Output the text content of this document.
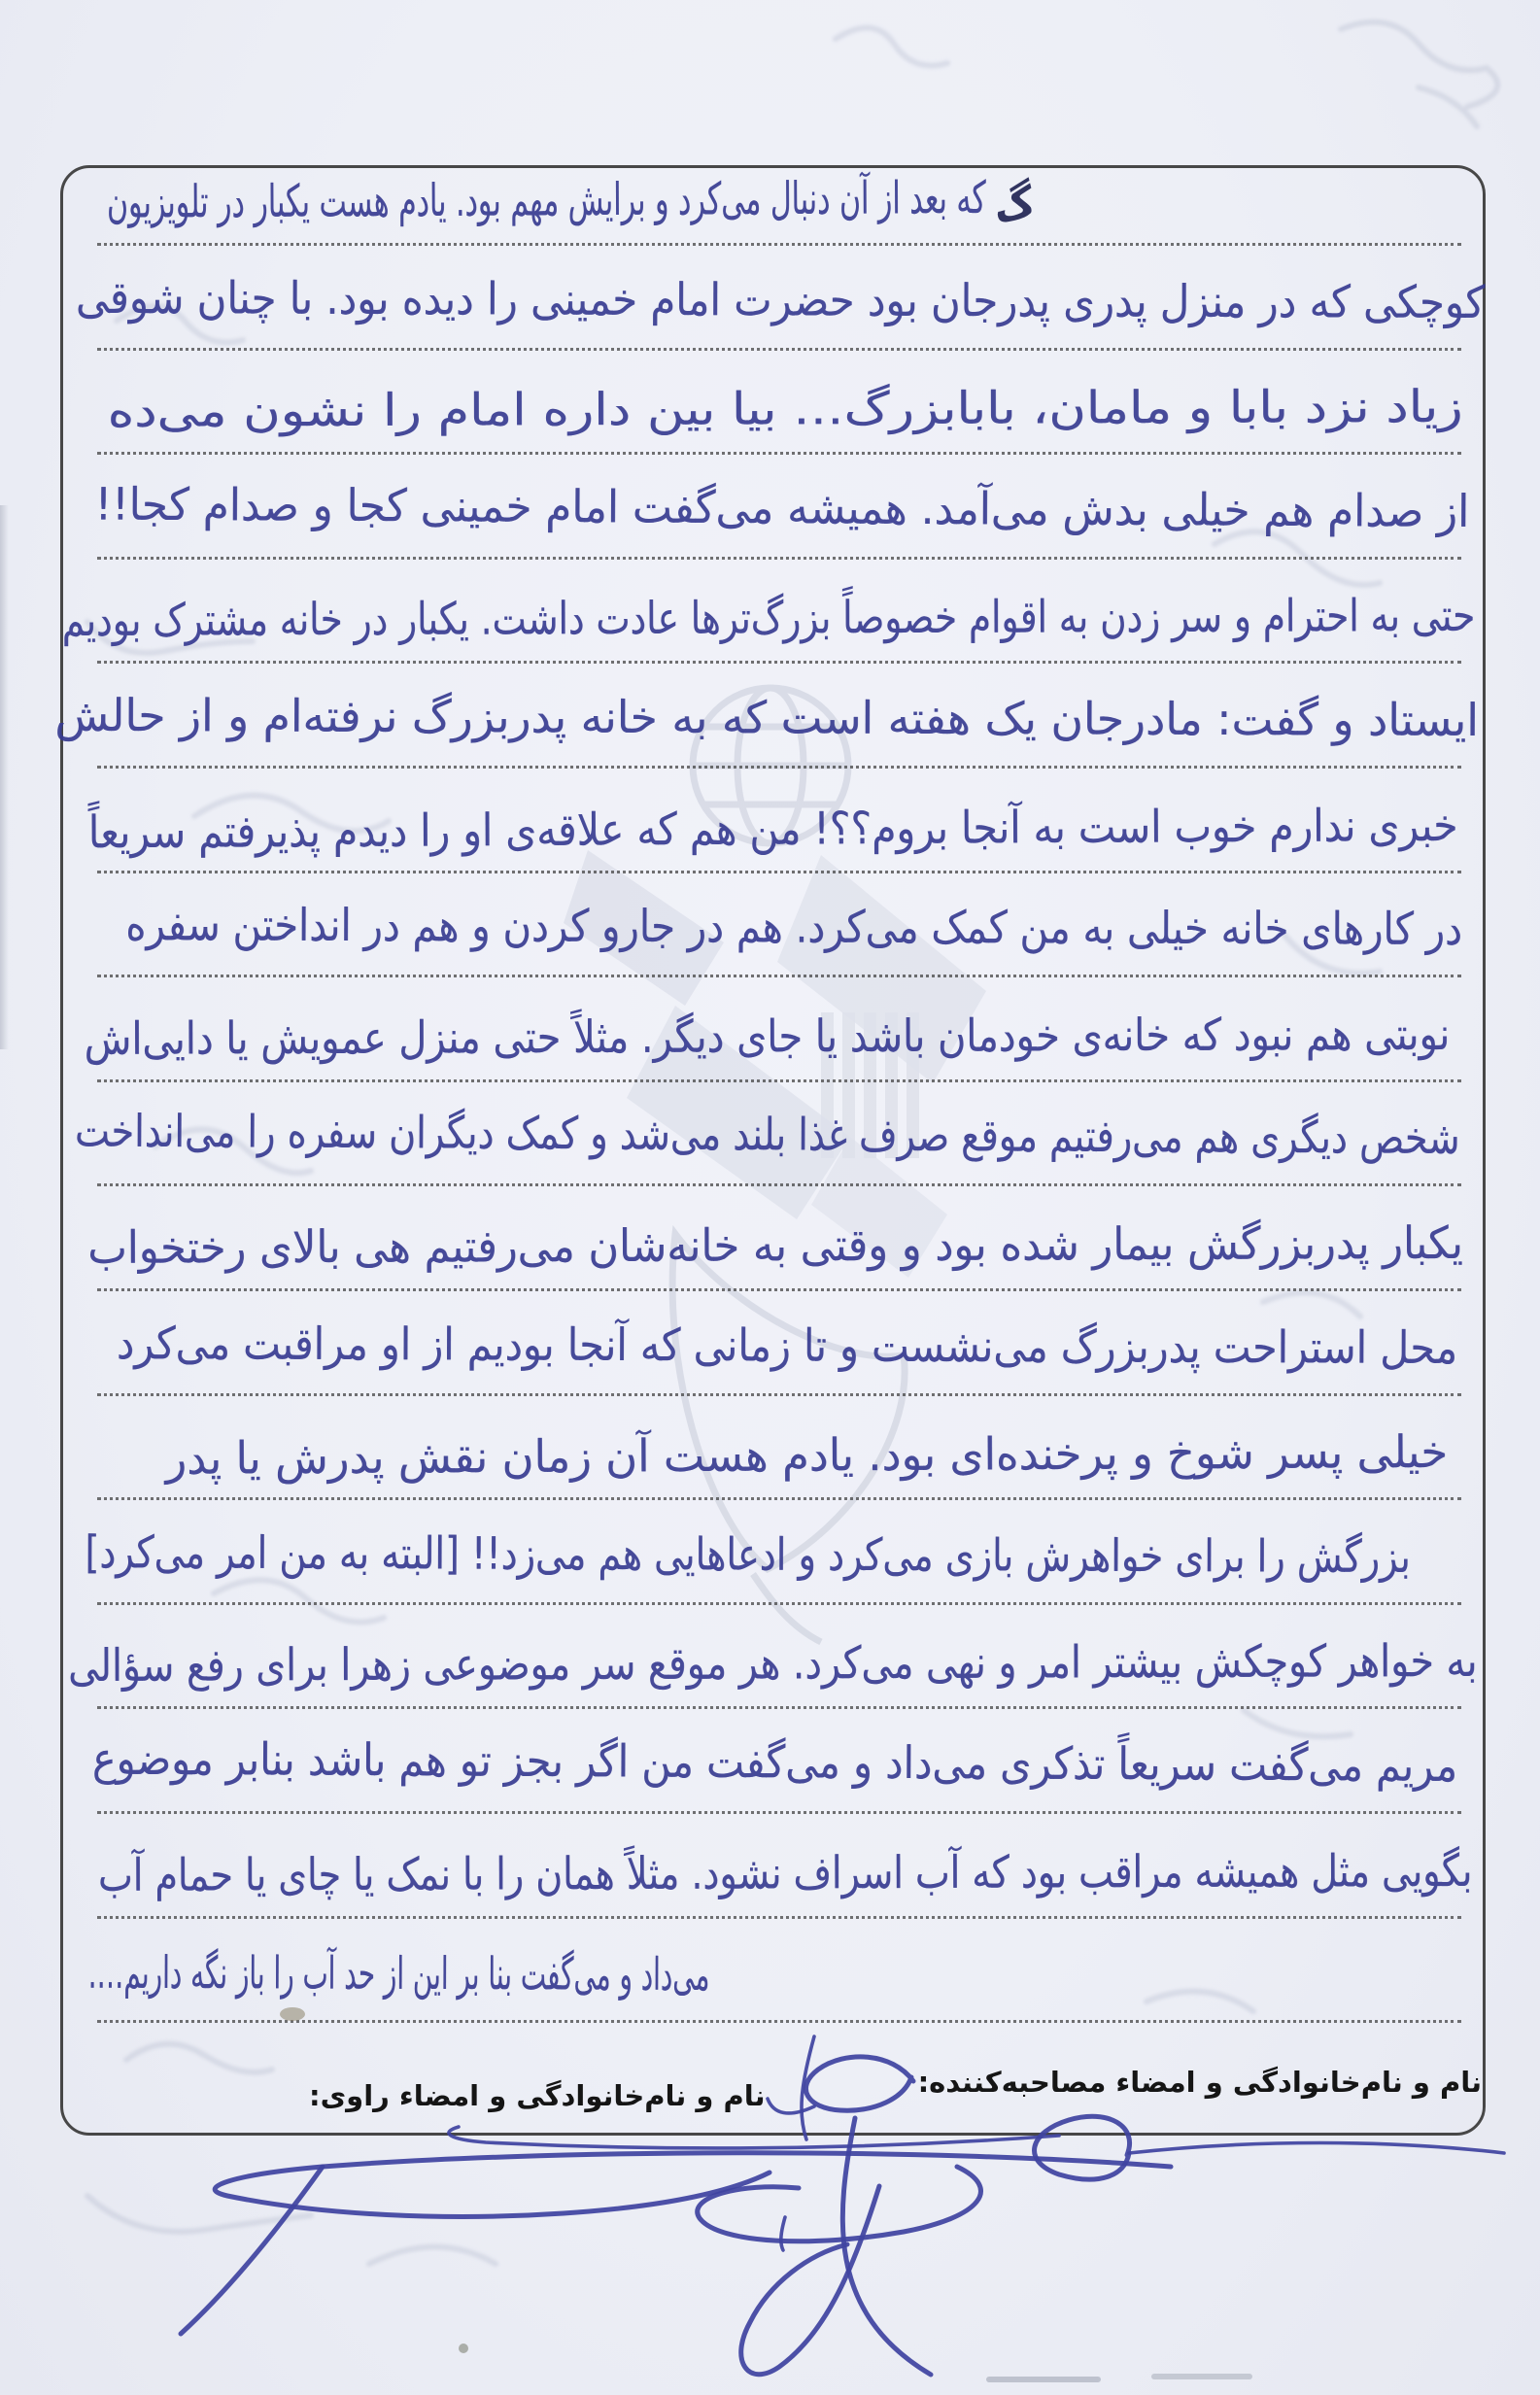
گ
که بعد از آن دنبال می‌کرد و برایش مهم بود. یادم هست یکبار در تلویزیون
کوچکی که در منزل پدری پدرجان بود حضرت امام خمینی را دیده بود. با چنان شوقی
زیاد نزد بابا و مامان، بابابزرگ… بیا بین داره امام را نشون می‌ده
از صدام هم خیلی بدش می‌آمد. همیشه می‌گفت امام خمینی کجا و صدام کجا!!
حتی به احترام و سر زدن به اقوام خصوصاً بزرگ‌ترها عادت داشت. یکبار در خانه مشترک بودیم
ایستاد و گفت: مادرجان یک هفته است که به خانه پدربزرگ نرفته‌ام و از حالش
خبری ندارم خوب است به آنجا بروم؟؟! من هم که علاقه‌ی او را دیدم پذیرفتم سریعاً
در کارهای خانه خیلی به من کمک می‌کرد. هم در جارو کردن و هم در انداختن سفره
نوبتی هم نبود که خانه‌ی خودمان باشد یا جای دیگر. مثلاً حتی منزل عمویش یا دایی‌اش
شخص دیگری هم می‌رفتیم موقع صرف غذا بلند می‌شد و کمک دیگران سفره را می‌انداخت
یکبار پدربزرگش بیمار شده بود و وقتی به خانه‌شان می‌رفتیم هی بالای رختخواب
محل استراحت پدربزرگ می‌نشست و تا زمانی که آنجا بودیم از او مراقبت می‌کرد
خیلی پسر شوخ و پرخنده‌ای بود. یادم هست آن زمان نقش پدرش یا پدر
بزرگش را برای خواهرش بازی می‌کرد و ادعاهایی هم می‌زد!! [البته به من امر می‌کرد]
به خواهر کوچکش بیشتر امر و نهی می‌کرد. هر موقع سر موضوعی زهرا برای رفع سؤالی
مریم می‌گفت سریعاً تذکری می‌داد و می‌گفت من اگر بجز تو هم باشد بنابر موضوع
بگویی مثل همیشه مراقب بود که آب اسراف نشود. مثلاً همان را با نمک یا چای یا حمام آب
می‌داد و می‌گفت بنا بر این از حد آب را باز نگه داریم….
نام و نام‌خانوادگی و امضاء مصاحبه‌کننده:
نام و نام‌خانوادگی و امضاء راوی:
